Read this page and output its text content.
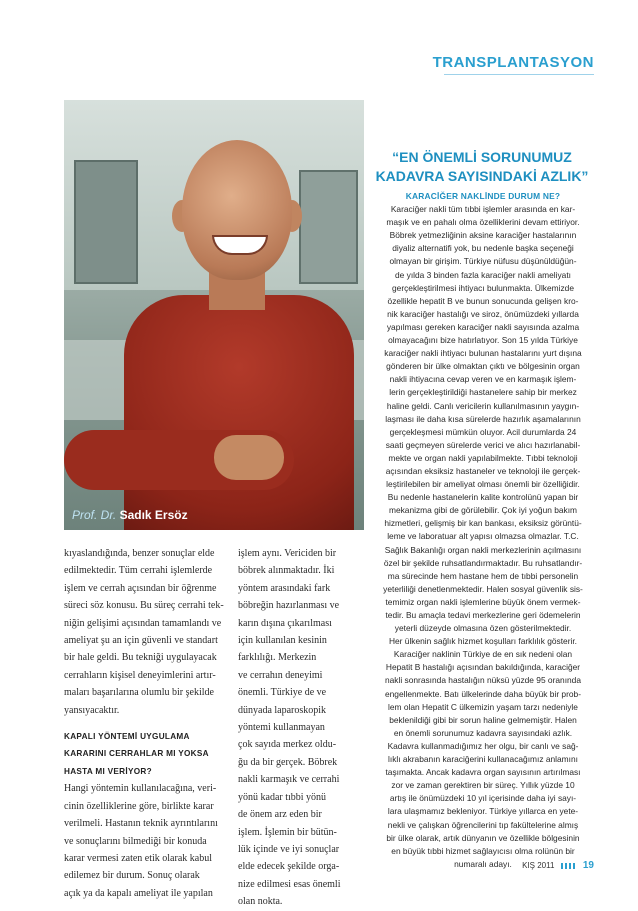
TRANSPLANTASYON
Prof. Dr. Sadık Ersöz
“EN ÖNEMLİ SORUNUMUZ
KADAVRA SAYISINDAKİ AZLIK”
KARACİĞER NAKLİNDE DURUM NE?

Karaciğer nakli tüm tıbbi işlemler arasında en kar-

maşık ve en pahalı olma özelliklerini devam ettiriyor.

Böbrek yetmezliğinin aksine karaciğer hastalarının

diyaliz alternatifi yok, bu nedenle başka seçeneği

olmayan bir girişim. Türkiye nüfusu düşünüldüğün-

de yılda 3 binden fazla karaciğer nakli ameliyatı

gerçekleştirilmesi ihtiyacı bulunmakta. Ülkemizde

özellikle hepatit B ve bunun sonucunda gelişen kro-

nik karaciğer hastalığı ve siroz, önümüzdeki yıllarda

yapılması gereken karaciğer nakli sayısında azalma

olmayacağını bize hatırlatıyor. Son 15 yılda Türkiye

karaciğer nakli ihtiyacı bulunan hastalarını yurt dışına

gönderen bir ülke olmaktan çıktı ve bölgesinin organ

nakli ihtiyacına cevap veren ve en karmaşık işlem-

lerin gerçekleştirildiği hastanelere sahip bir merkez

haline geldi. Canlı vericilerin kullanılmasının yaygın-

laşması ile daha kısa sürelerde hazırlık aşamalarının

gerçekleşmesi mümkün oluyor. Acil durumlarda 24

saati geçmeyen sürelerde verici ve alıcı hazırlanabil-

mekte ve organ nakli yapılabilmekte. Tıbbi teknoloji

açısından eksiksiz hastaneler ve teknoloji ile gerçek-

leştirilebilen bir ameliyat olması önemli bir özelliğidir.

Bu nedenle hastanelerin kalite kontrolünü yapan bir

mekanizma gibi de görülebilir. Çok iyi yoğun bakım

hizmetleri, gelişmiş bir kan bankası, eksiksiz görüntü-

leme ve laboratuar alt yapısı olmazsa olmazlar. T.C.

Sağlık Bakanlığı organ nakli merkezlerinin açılmasını

özel bir şekilde ruhsatlandırmaktadır. Bu ruhsatlandır-

ma sürecinde hem hastane hem de tıbbi personelin

yeterliliği denetlenmektedir. Halen sosyal güvenlik sis-

temimiz organ nakli işlemlerine büyük önem vermek-

tedir. Bu amaçla tedavi merkezlerine geri ödemelerin

yeterli düzeyde olmasına özen gösterilmektedir.

Her ülkenin sağlık hizmet koşulları farklılık gösterir.

Karaciğer naklinin Türkiye de en sık nedeni olan

Hepatit B hastalığı açısından bakıldığında, karaciğer

nakli sonrasında hastalığın nüksü yüzde 95 oranında

engellenmekte. Batı ülkelerinde daha büyük bir prob-

lem olan Hepatit C ülkemizin yaşam tarzı nedeniyle

beklenildiği gibi bir sorun haline gelmemiştir. Halen

en önemli sorunumuz kadavra sayısındaki azlık.

Kadavra kullanmadığımız her olgu, bir canlı ve sağ-

lıklı akrabanın karaciğerini kullanacağımız anlamını

taşımakta. Ancak kadavra organ sayısının artırılması

zor ve zaman gerektiren bir süreç. Yıllık yüzde 10

artış ile önümüzdeki 10 yıl içerisinde daha iyi sayı-

lara ulaşmamız bekleniyor. Türkiye yıllarca en yete-

nekli ve çalışkan öğrencilerini tıp fakültelerine almış

bir ülke olarak, artık dünyanın ve özellikle bölgesinin

en büyük tıbbi hizmet sağlayıcısı olma rolünün bir

numaralı adayı.

kıyaslandığında, benzer sonuçlar elde

edilmektedir. Tüm cerrahi işlemlerde

işlem ve cerrah açısından bir öğrenme

süreci söz konusu. Bu süreç cerrahi tek-

niğin gelişimi açısından tamamlandı ve

ameliyat şu an için güvenli ve standart

bir hale geldi. Bu tekniği uygulayacak

cerrahların kişisel deneyimlerini artır-

maları başarılarına olumlu bir şekilde

yansıyacaktır.

KAPALI YÖNTEMİ UYGULAMA
KARARINI CERRAHLAR MI YOKSA
HASTA MI VERİYOR?

Hangi yöntemin kullanılacağına, veri-

cinin özelliklerine göre, birlikte karar

verilmeli. Hastanın teknik ayrıntılarını

ve sonuçlarını bilmediği bir konuda

karar vermesi zaten etik olarak kabul

edilemez bir durum. Sonuç olarak

açık ya da kapalı ameliyat ile yapılan

işlem aynı. Vericiden bir

böbrek alınmaktadır. İki

yöntem arasındaki fark

böbreğin hazırlanması ve

karın dışına çıkarılması

için kullanılan kesinin

farklılığı. Merkezin

ve cerrahın deneyimi

önemli. Türkiye de ve

dünyada laparoskopik

yöntemi kullanmayan

çok sayıda merkez oldu-

ğu da bir gerçek. Böbrek

nakli karmaşık ve cerrahi

yönü kadar tıbbi yönü

de önem arz eden bir

işlem. İşlemin bir bütün-

lük içinde ve iyi sonuçlar

elde edecek şekilde orga-

nize edilmesi esas önemli

olan nokta.

KIŞ 2011	19
